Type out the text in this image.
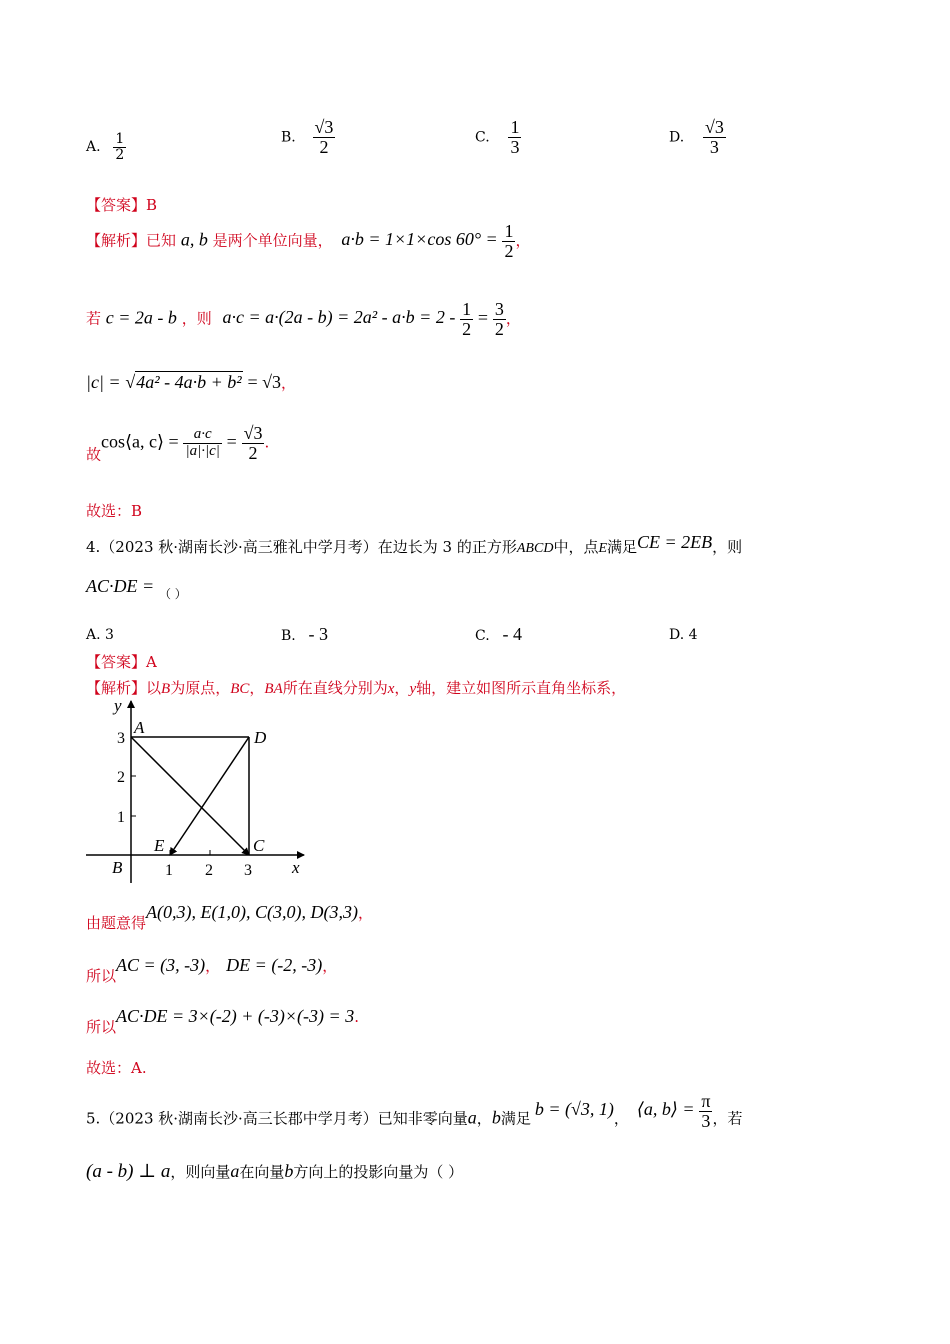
A. $\frac{1}{2}$	B. $\frac{√3}{2}$	C. $\frac{1}{3}$	D. $\frac{√3}{3}$
【答案】B
【解析】已知 a, b 是两个单位向量， a·b = 1×1×cos $60^\circ = \frac{1}{2}$ ，
若 c = 2a - b ，则 $a\cdot c = a\cdot(2a - b) = 2a^2 - a\cdot b = 2 - \frac{1}{2} = \frac{3}{2}$ ，
|c| = √4a² - 4a·b + b² = √3，
故cos⟨a, c⟩ = $\frac{a\cdot c}{|a|\cdot|c|} = \frac{√3}{2}$ .
故选：B
4.（2023 秋·湖南长沙·高三雅礼中学月考）在边长为 3 的正方形ABCD中，点E满足CE = 2EB，则
AC·DE = $_{( )}$
A. 3	B. - 3	C. - 4	D. 4
【答案】A
【解析】以B为原点，BC，BA所在直线分别为x，y轴，建立如图所示直角坐标系，
y
x
A
D
C
E
B	1 2 3
1
2
3
由题意得A(0,3), E(1,0), C(3,0), D(3,3)，
所以AC = (3, -3)， DE = (-2, -3)，
所以AC·DE = 3×(-2) + (-3)×(-3) = 3.
故选：A.
5.（2023 秋·湖南长沙·高三长郡中学月考）已知非零向量a，b满足 b = (√3, 1)， ⟨a, b⟩ = $\frac{\pi}{3}$ ，若
(a - b) ⊥ a，则向量a在向量b方向上的投影向量为（ ）
